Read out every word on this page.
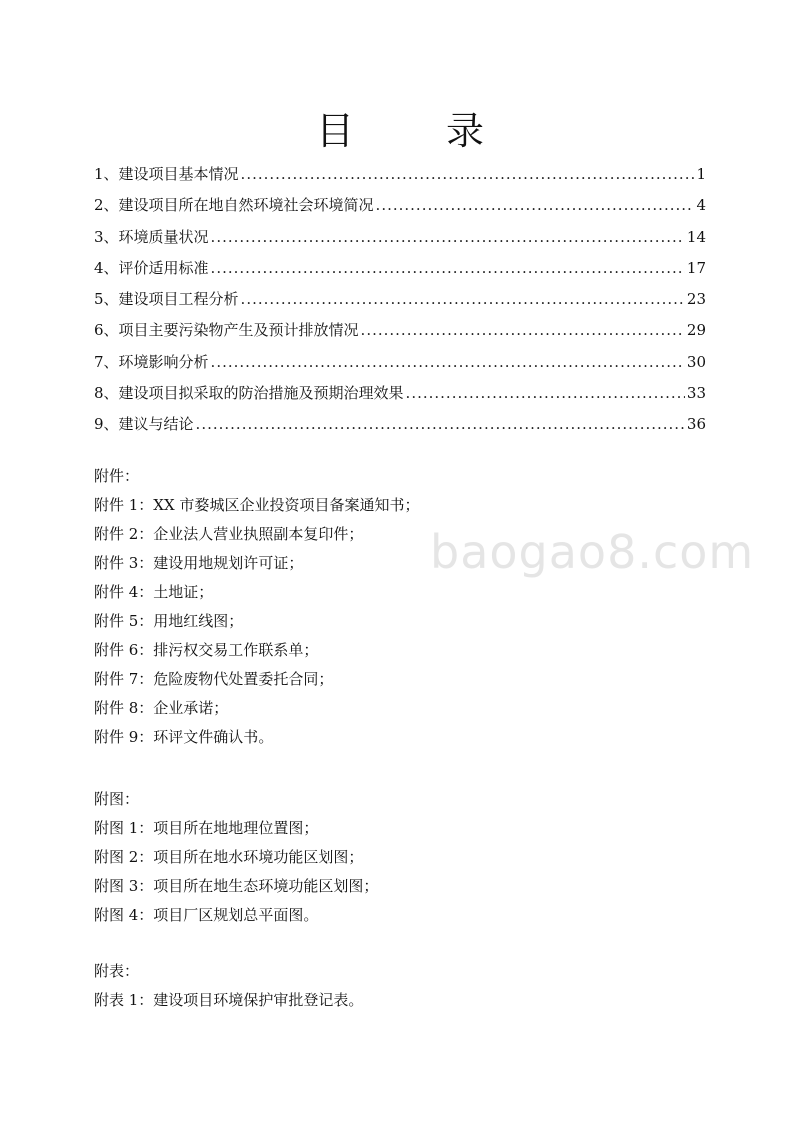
目 录
1、建设项目基本情况 .....	1
2、建设项目所在地自然环境社会环境简况 .....	4
3、环境质量状况 .....	14
4、评价适用标准 .....	17
5、建设项目工程分析 .....	23
6、项目主要污染物产生及预计排放情况 .....	29
7、环境影响分析 .....	30
8、建设项目拟采取的防治措施及预期治理效果 .....	33
9、建议与结论 .....	36
附件：
附件 1：XX 市婺城区企业投资项目备案通知书；
附件 2：企业法人营业执照副本复印件；
附件 3：建设用地规划许可证；
附件 4：土地证；
附件 5：用地红线图；
附件 6：排污权交易工作联系单；
附件 7：危险废物代处置委托合同；
附件 8：企业承诺；
附件 9：环评文件确认书。
附图：
附图 1：项目所在地地理位置图；
附图 2：项目所在地水环境功能区划图；
附图 3：项目所在地生态环境功能区划图；
附图 4：项目厂区规划总平面图。
附表：
附表 1：建设项目环境保护审批登记表。
baogao8.com
